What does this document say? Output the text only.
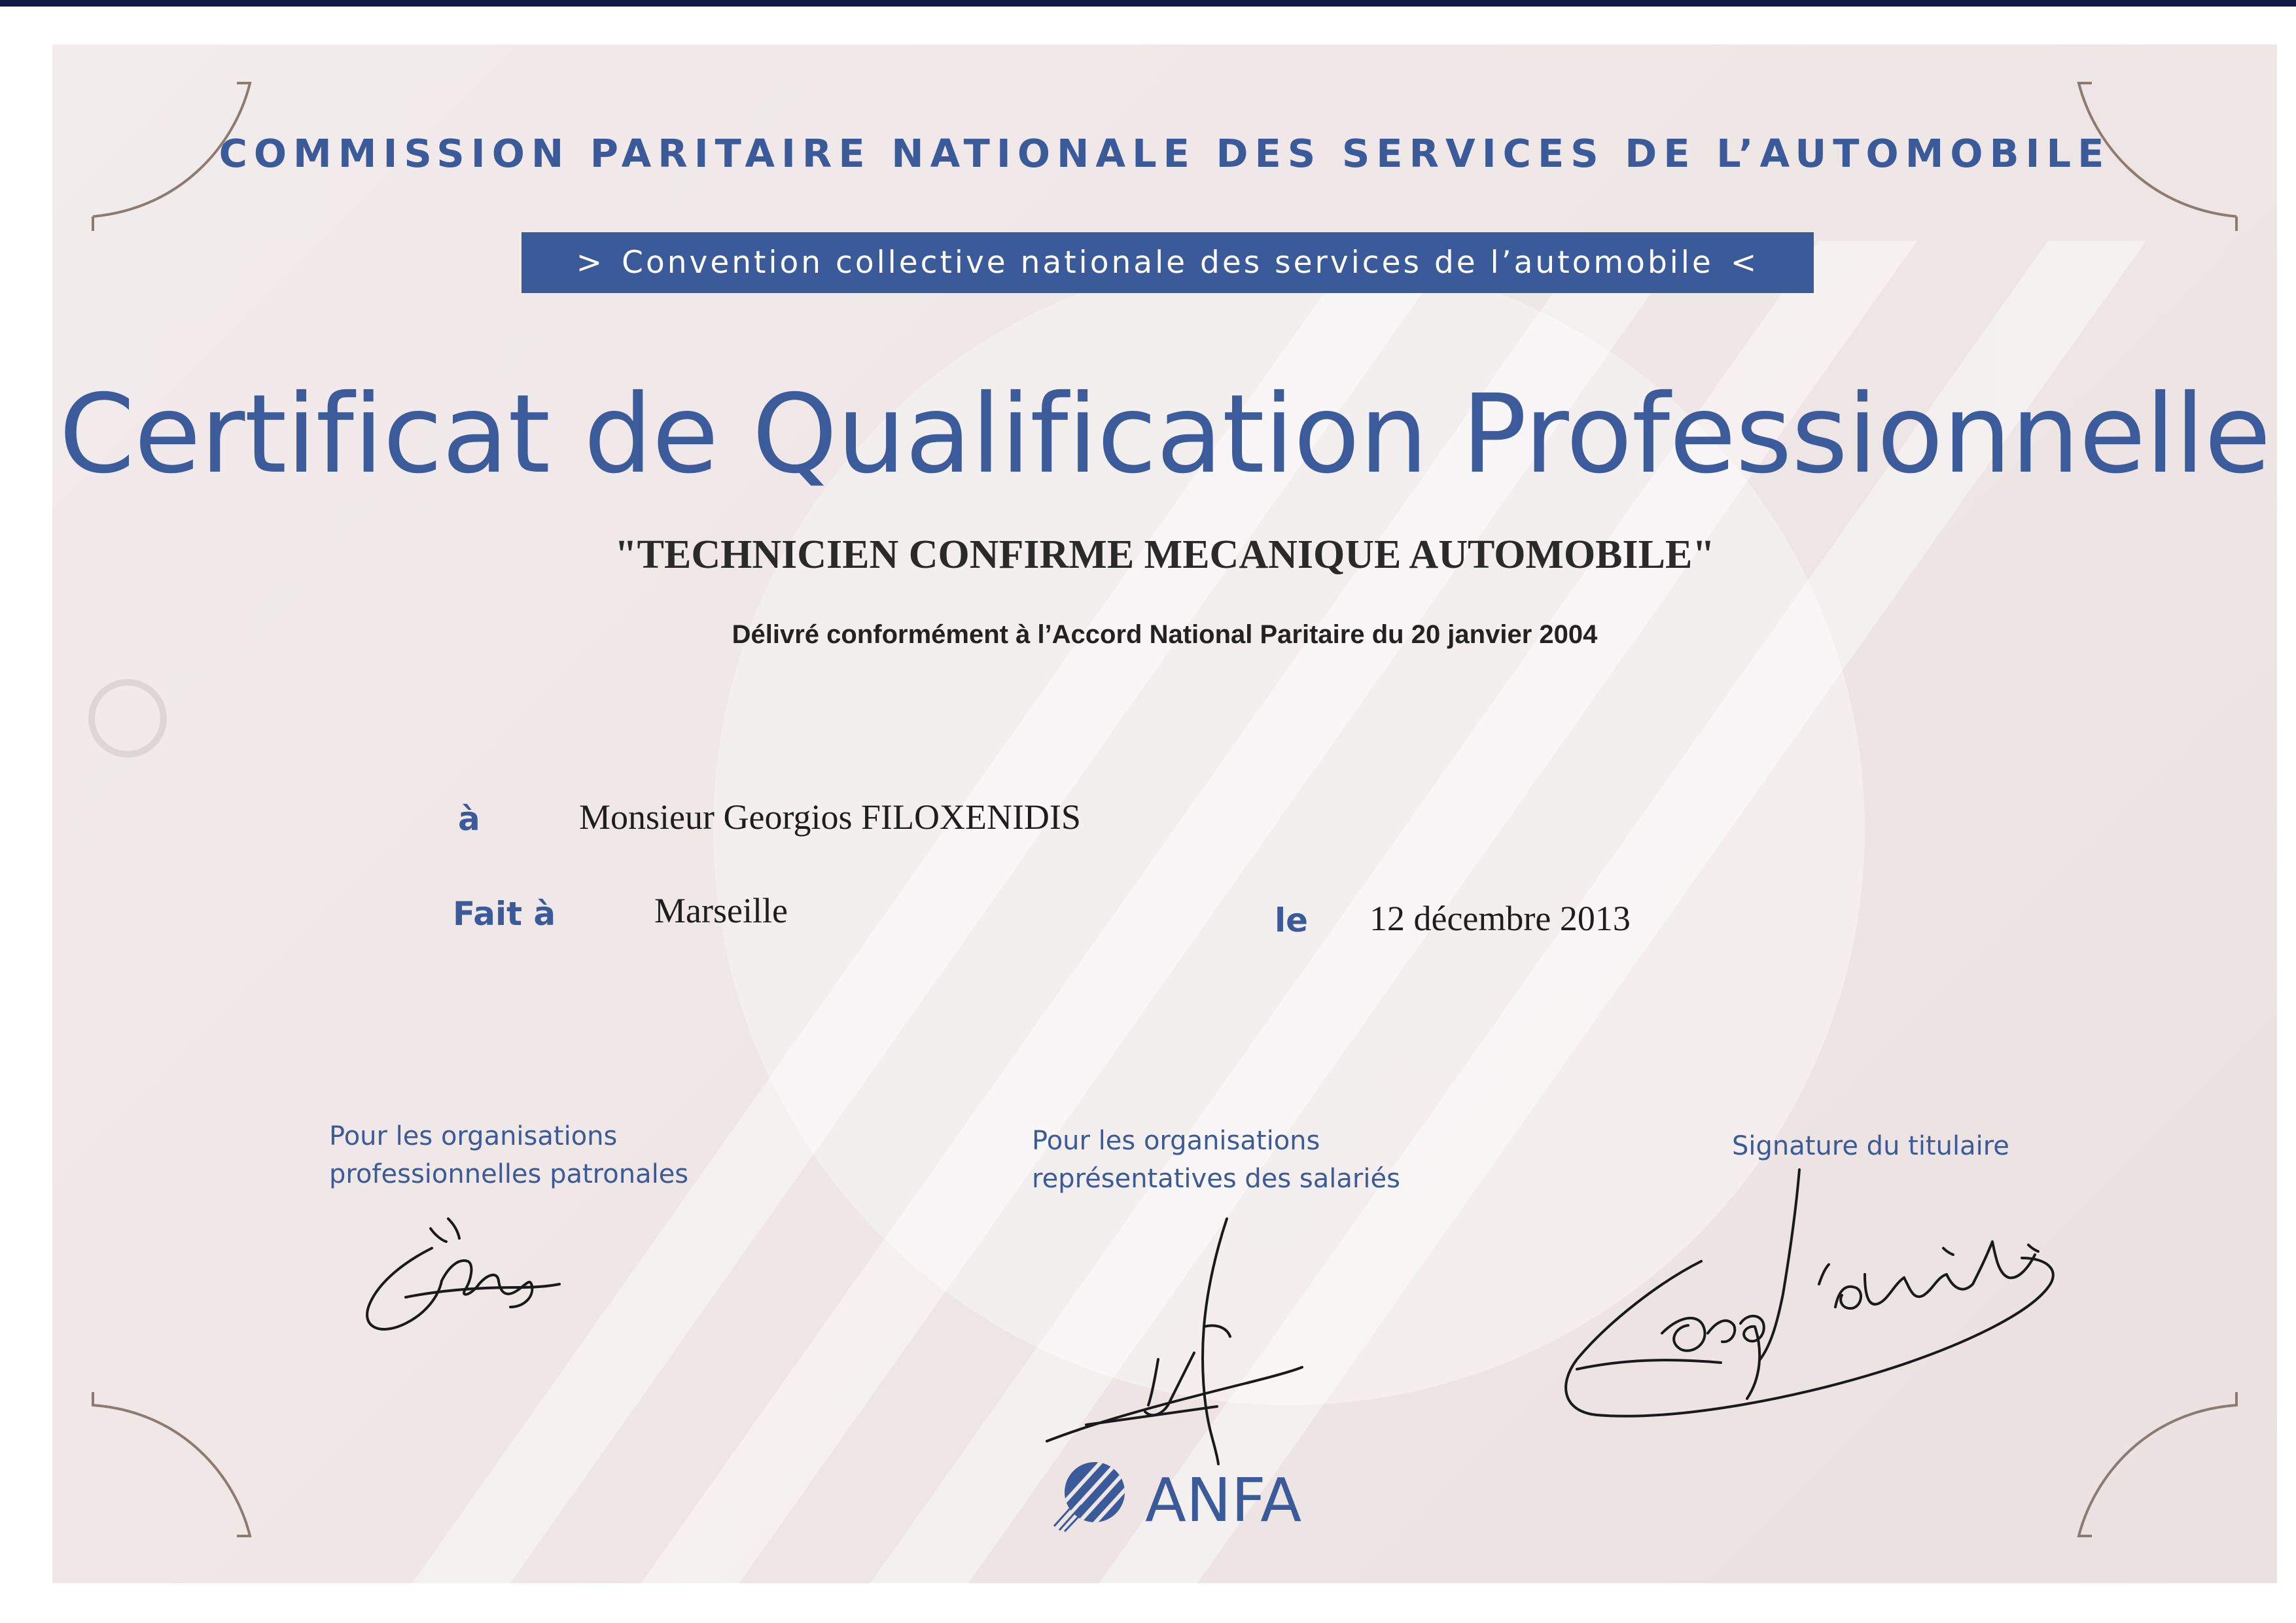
COMMISSION PARITAIRE NATIONALE DES SERVICES DE L’AUTOMOBILE
> Convention collective nationale des services de l’automobile <
Certificat de Qualification Professionnelle
"TECHNICIEN CONFIRME MECANIQUE AUTOMOBILE"
Délivré conformément à l’Accord National Paritaire du 20 janvier 2004
à	Monsieur Georgios FILOXENIDIS
Fait à	Marseille	le 12 décembre 2013
Pour les organisations
professionnelles patronales
Pour les organisations
représentatives des salariés
Signature du titulaire
ANFA
